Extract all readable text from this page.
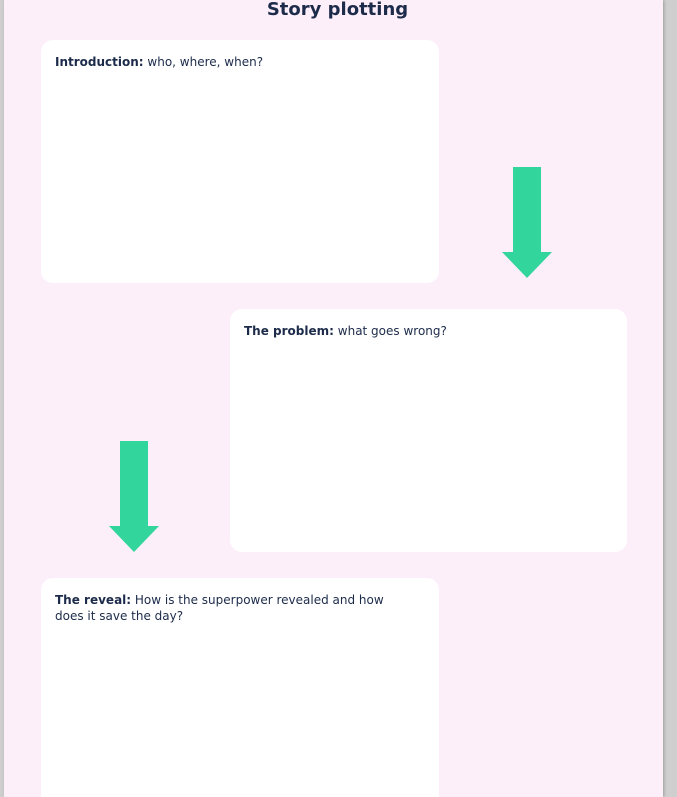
Story plotting
Introduction: who, where, when?
The problem: what goes wrong?
The reveal: How is the superpower revealed and how does it save the day?
